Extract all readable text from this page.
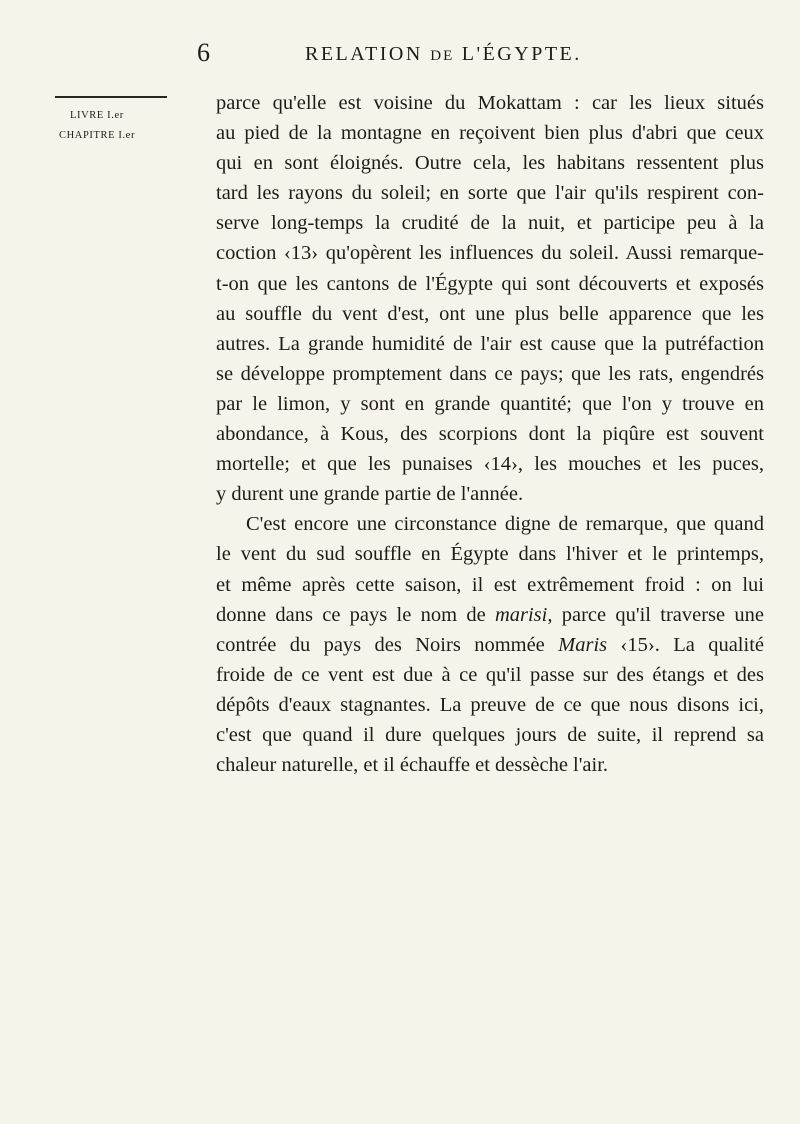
6	RELATION DE L'ÉGYPTE.
LIVRE I.er
CHAPITRE I.er
parce qu'elle est voisine du Mokattam : car les lieux situés
au pied de la montagne en reçoivent bien plus d'abri que ceux
qui en sont éloignés. Outre cela, les habitans ressentent plus
tard les rayons du soleil; en sorte que l'air qu'ils respirent con-
serve long-temps la crudité de la nuit, et participe peu à la
coction ‹13› qu'opèrent les influences du soleil. Aussi remarque-
t-on que les cantons de l'Égypte qui sont découverts et exposés
au souffle du vent d'est, ont une plus belle apparence que les
autres. La grande humidité de l'air est cause que la putréfaction
se développe promptement dans ce pays; que les rats, engendrés
par le limon, y sont en grande quantité; que l'on y trouve en
abondance, à Kous, des scorpions dont la piqûre est souvent
mortelle; et que les punaises ‹14›, les mouches et les puces,
y durent une grande partie de l'année.
C'est encore une circonstance digne de remarque, que quand
le vent du sud souffle en Égypte dans l'hiver et le printemps,
et même après cette saison, il est extrêmement froid : on lui
donne dans ce pays le nom de marisi, parce qu'il traverse une
contrée du pays des Noirs nommée Maris ‹15›. La qualité
froide de ce vent est due à ce qu'il passe sur des étangs et des
dépôts d'eaux stagnantes. La preuve de ce que nous disons ici,
c'est que quand il dure quelques jours de suite, il reprend sa
chaleur naturelle, et il échauffe et dessèche l'air.
